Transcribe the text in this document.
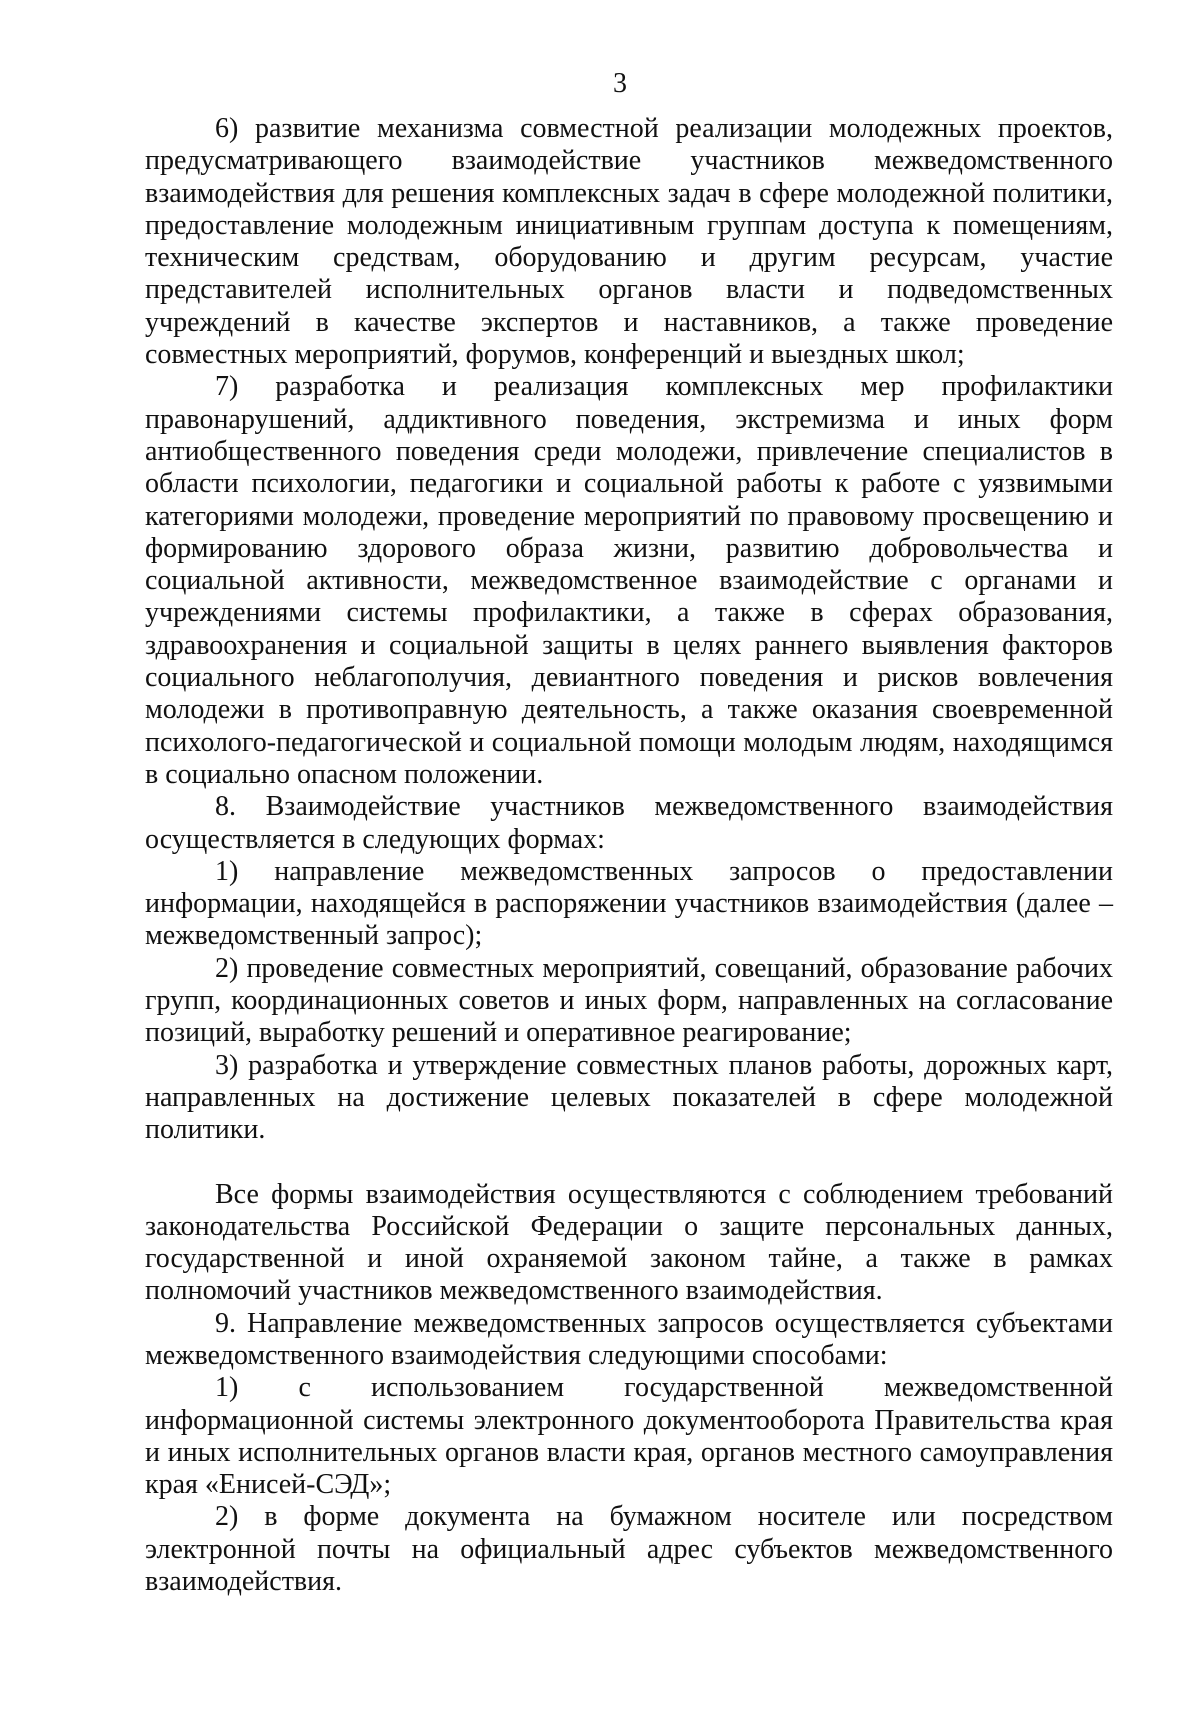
3

6) развитие механизма совместной реализации молодежных проектов, предусматривающего взаимодействие участников межведомственного взаимодействия для решения комплексных задач в сфере молодежной политики, предоставление молодежным инициативным группам доступа к помещениям, техническим средствам, оборудованию и другим ресурсам, участие представителей исполнительных органов власти и подведомственных учреждений в качестве экспертов и наставников, а также проведение совместных мероприятий, форумов, конференций и выездных школ;

7) разработка и реализация комплексных мер профилактики правонарушений, аддиктивного поведения, экстремизма и иных форм антиобщественного поведения среди молодежи, привлечение специалистов в области психологии, педагогики и социальной работы к работе с уязвимыми категориями молодежи, проведение мероприятий по правовому просвещению и формированию здорового образа жизни, развитию добровольчества и социальной активности, межведомственное взаимодействие с органами и учреждениями системы профилактики, а также в сферах образования, здравоохранения и социальной защиты в целях раннего выявления факторов социального неблагополучия, девиантного поведения и рисков вовлечения молодежи в противоправную деятельность, а также оказания своевременной психолого-педагогической и социальной помощи молодым людям, находящимся в социально опасном положении.

8. Взаимодействие участников межведомственного взаимодействия осуществляется в следующих формах:

1) направление межведомственных запросов о предоставлении информации, находящейся в распоряжении участников взаимодействия (далее – межведомственный запрос);

2) проведение совместных мероприятий, совещаний, образование рабочих групп, координационных советов и иных форм, направленных на согласование позиций, выработку решений и оперативное реагирование;

3) разработка и утверждение совместных планов работы, дорожных карт, направленных на достижение целевых показателей в сфере молодежной политики.

Все формы взаимодействия осуществляются с соблюдением требований законодательства Российской Федерации о защите персональных данных, государственной и иной охраняемой законом тайне, а также в рамках полномочий участников межведомственного взаимодействия.

9. Направление межведомственных запросов осуществляется субъектами межведомственного взаимодействия следующими способами:

1) с использованием государственной межведомственной информационной системы электронного документооборота Правительства края и иных исполнительных органов власти края, органов местного самоуправления края «Енисей-СЭД»;

2) в форме документа на бумажном носителе или посредством электронной почты на официальный адрес субъектов межведомственного взаимодействия.
